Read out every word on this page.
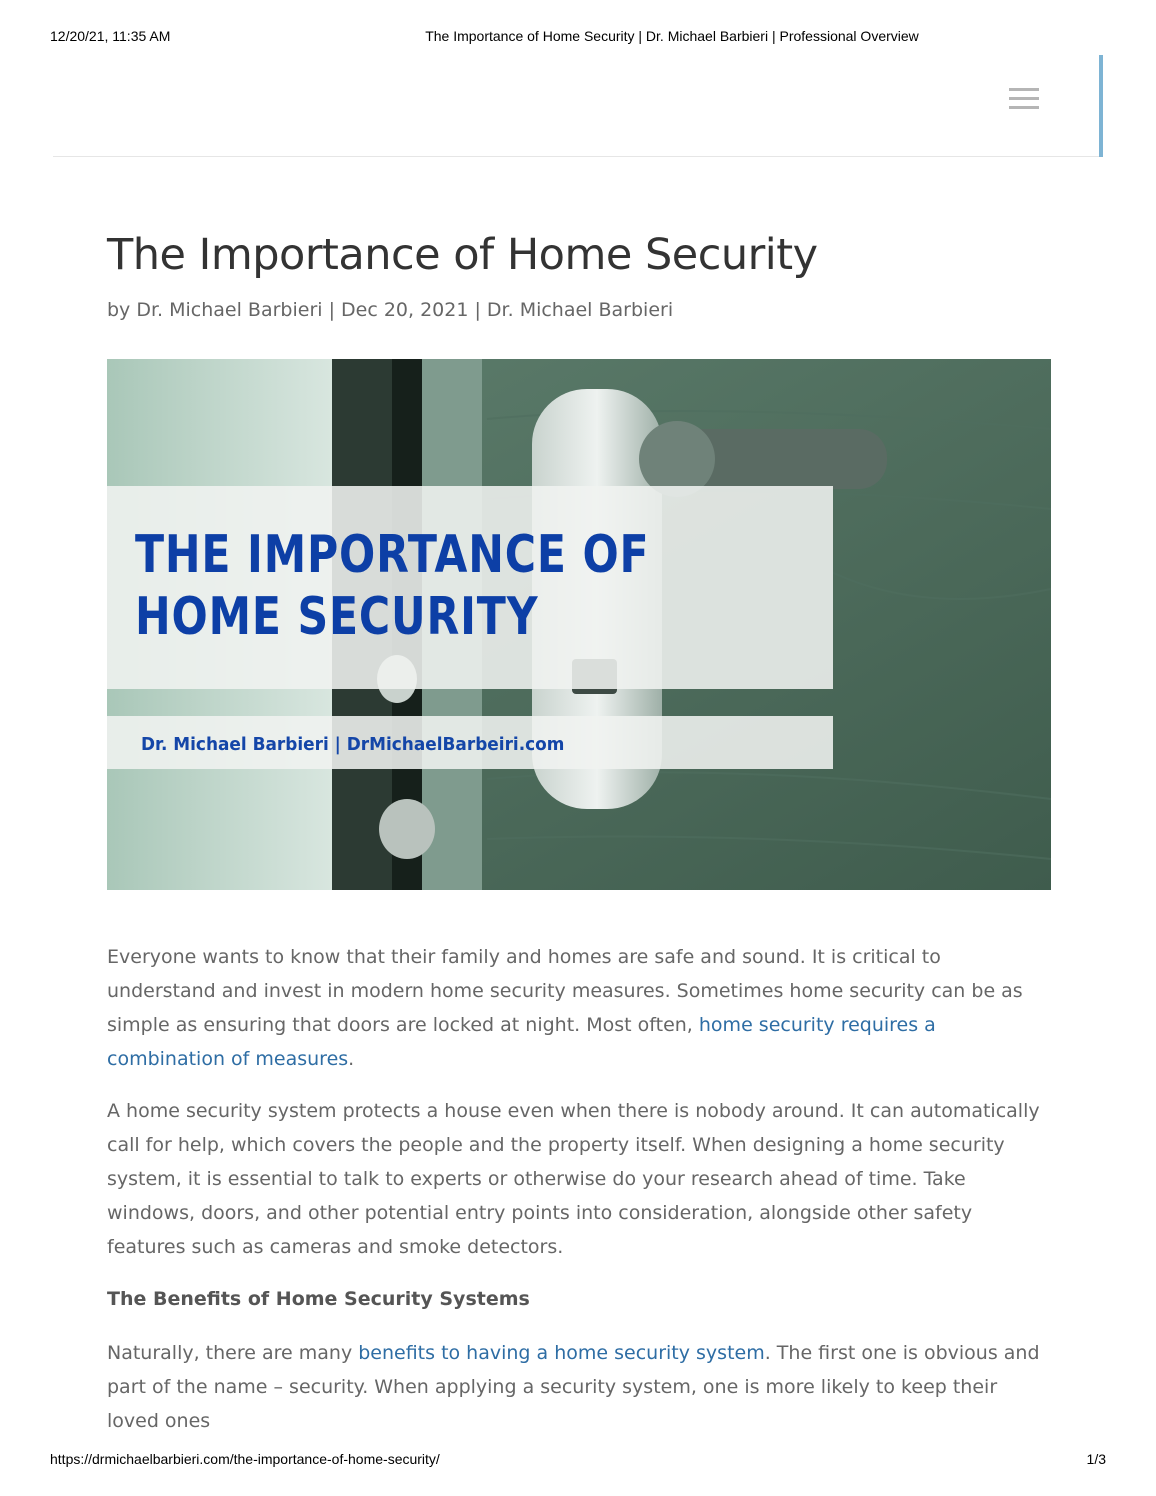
12/20/21, 11:35 AM	The Importance of Home Security | Dr. Michael Barbieri | Professional Overview
The Importance of Home Security
by Dr. Michael Barbieri | Dec 20, 2021 | Dr. Michael Barbieri
THE IMPORTANCE OF
HOME SECURITY
Dr. Michael Barbieri | DrMichaelBarbeiri.com

Everyone wants to know that their family and homes are safe and sound. It is critical to understand and invest in modern home security measures. Sometimes home security can be as simple as ensuring that doors are locked at night. Most often, home security requires a combination of measures.

A home security system protects a house even when there is nobody around. It can automatically call for help, which covers the people and the property itself. When designing a home security system, it is essential to talk to experts or otherwise do your research ahead of time. Take windows, doors, and other potential entry points into consideration, alongside other safety features such as cameras and smoke detectors.

The Benefits of Home Security Systems

Naturally, there are many benefits to having a home security system. The first one is obvious and part of the name – security. When applying a security system, one is more likely to keep their loved ones

https://drmichaelbarbieri.com/the-importance-of-home-security/	1/3
